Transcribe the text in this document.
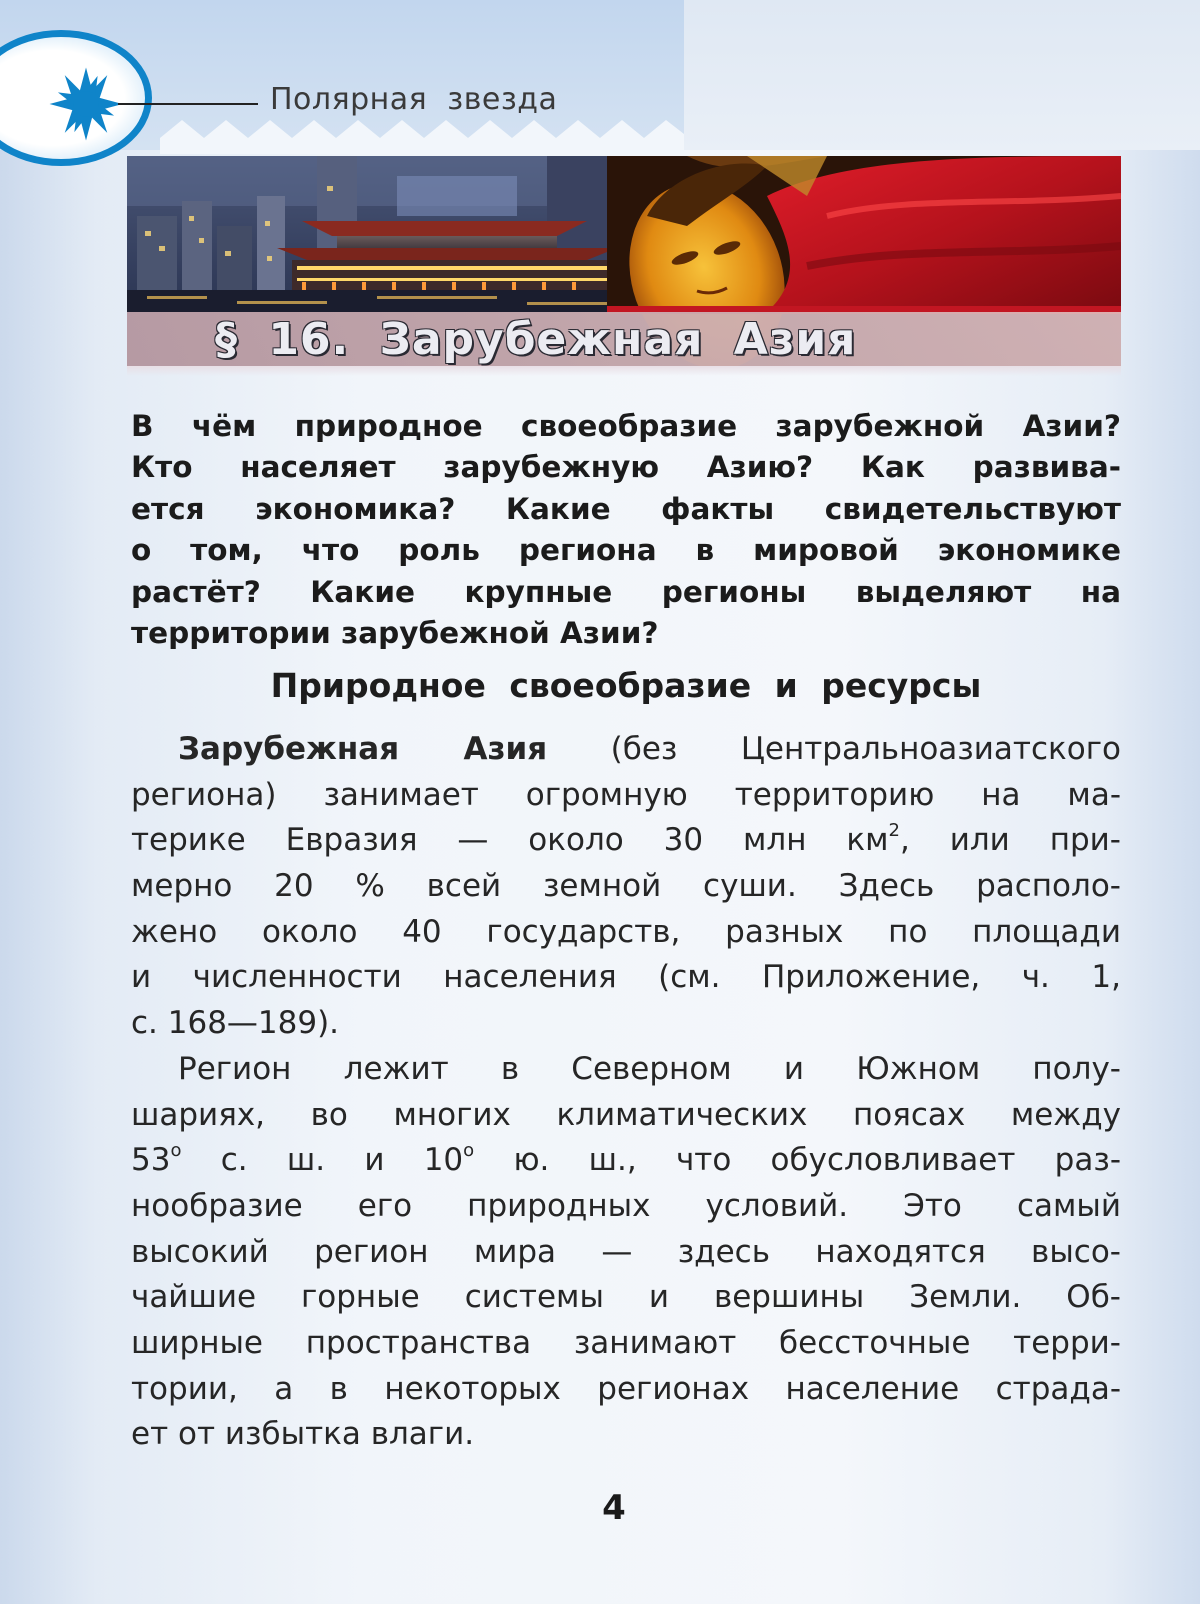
Полярная звезда
§ 16. Зарубежная Азия
В чём природное своеобразие зарубежной Азии?
Кто населяет зарубежную Азию? Как развива-
ется экономика? Какие факты свидетельствуют
о том, что роль региона в мировой экономике
растёт? Какие крупные регионы выделяют на
территории зарубежной Азии?
Природное своеобразие и ресурсы
Зарубежная Азия (без Центральноазиатского
региона) занимает огромную территорию на ма-
терике Евразия — около 30 млн $км^2$, или при-
мерно 20 % всей земной суши. Здесь располо-
жено около 40 государств, разных по площади
и численности населения (см. Приложение, ч. 1,
с. 168—189).
Регион лежит в Северном и Южном полу-
шариях, во многих климатических поясах между
$53^о$ с. ш. и $10^о$ ю. ш., что обусловливает раз-
нообразие его природных условий. Это самый
высокий регион мира — здесь находятся высо-
чайшие горные системы и вершины Земли. Об-
ширные пространства занимают бессточные терри-
тории, а в некоторых регионах население страда-
ет от избытка влаги.
4
